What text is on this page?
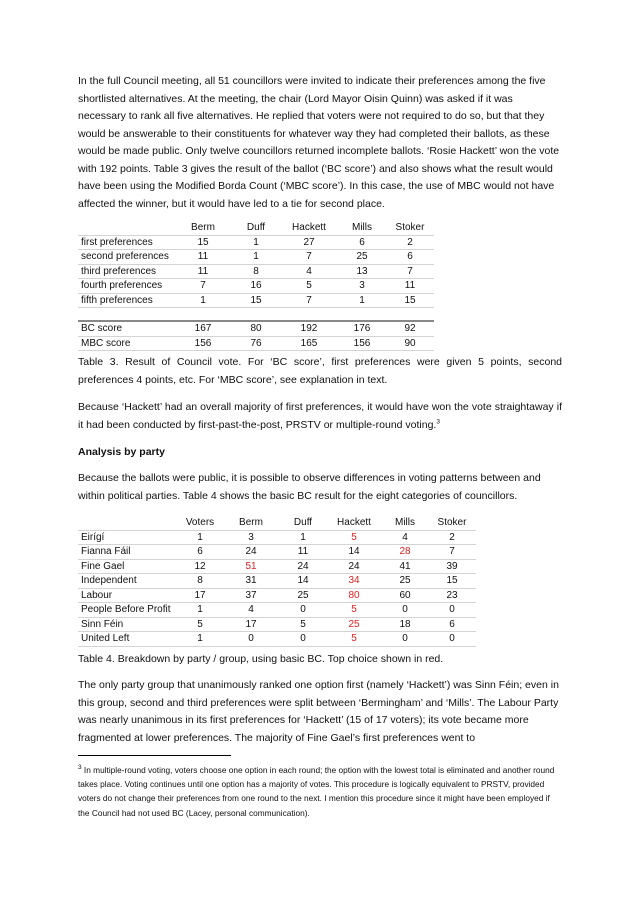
In the full Council meeting, all 51 councillors were invited to indicate their preferences among the five shortlisted alternatives. At the meeting, the chair (Lord Mayor Oisin Quinn) was asked if it was necessary to rank all five alternatives. He replied that voters were not required to do so, but that they would be answerable to their constituents for whatever way they had completed their ballots, as these would be made public. Only twelve councillors returned incomplete ballots. ‘Rosie Hackett’ won the vote with 192 points. Table 3 gives the result of the ballot (‘BC score’) and also shows what the result would have been using the Modified Borda Count (‘MBC score’). In this case, the use of MBC would not have affected the winner, but it would have led to a tie for second place.

	Berm	Duff	Hackett	Mills	Stoker
first preferences	15	1	27	6	2
second preferences	11	1	7	25	6
third preferences	11	8	4	13	7
fourth preferences	7	16	5	3	11
fifth preferences	1	15	7	1	15

BC score	167	80	192	176	92
MBC score	156	76	165	156	90

Table 3. Result of Council vote. For ‘BC score’, first preferences were given 5 points, second preferences 4 points, etc. For ‘MBC score’, see explanation in text.

Because ‘Hackett’ had an overall majority of first preferences, it would have won the vote straightaway if it had been conducted by first-past-the-post, PRSTV or multiple-round voting.$^3$

Analysis by party

Because the ballots were public, it is possible to observe differences in voting patterns between and within political parties. Table 4 shows the basic BC result for the eight categories of councillors.

	Voters	Berm	Duff	Hackett	Mills	Stoker
Eirígí	1	3	1	5	4	2
Fianna Fáil	6	24	11	14	28	7
Fine Gael	12	51	24	24	41	39
Independent	8	31	14	34	25	15
Labour	17	37	25	80	60	23
People Before Profit	1	4	0	5	0	0
Sinn Féin	5	17	5	25	18	6
United Left	1	0	0	5	0	0

Table 4. Breakdown by party / group, using basic BC. Top choice shown in red.

The only party group that unanimously ranked one option first (namely ‘Hackett’) was Sinn Féin; even in this group, second and third preferences were split between ‘Bermingham’ and ‘Mills’. The Labour Party was nearly unanimous in its first preferences for ‘Hackett’ (15 of 17 voters); its vote became more fragmented at lower preferences. The majority of Fine Gael’s first preferences went to

$^3$ In multiple-round voting, voters choose one option in each round; the option with the lowest total is eliminated and another round takes place. Voting continues until one option has a majority of votes. This procedure is logically equivalent to PRSTV, provided voters do not change their preferences from one round to the next. I mention this procedure since it might have been employed if the Council had not used BC (Lacey, personal communication).
